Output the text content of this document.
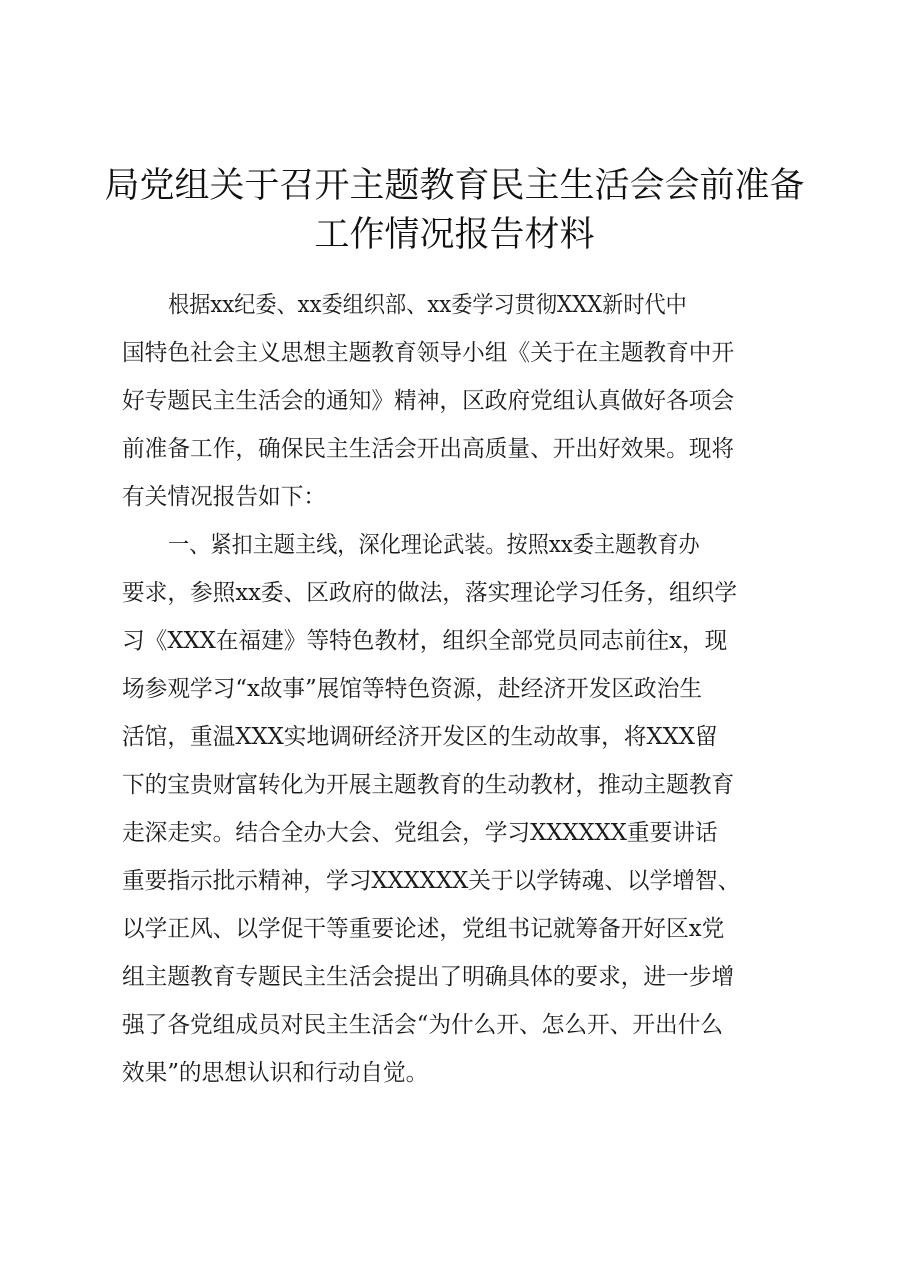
局党组关于召开主题教育民主生活会会前准备
工作情况报告材料
根据xx纪委、xx委组织部、xx委学习贯彻XXX新时代中
国特色社会主义思想主题教育领导小组《关于在主题教育中开
好专题民主生活会的通知》精神，区政府党组认真做好各项会
前准备工作，确保民主生活会开出高质量、开出好效果。现将
有关情况报告如下：
一、紧扣主题主线，深化理论武装。按照xx委主题教育办
要求，参照xx委、区政府的做法，落实理论学习任务，组织学
习《XXX在福建》等特色教材，组织全部党员同志前往x，现
场参观学习“x故事”展馆等特色资源，赴经济开发区政治生
活馆，重温XXX实地调研经济开发区的生动故事，将XXX留
下的宝贵财富转化为开展主题教育的生动教材，推动主题教育
走深走实。结合全办大会、党组会，学习XXXXXX重要讲话
重要指示批示精神，学习XXXXXX关于以学铸魂、以学增智、
以学正风、以学促干等重要论述，党组书记就筹备开好区x党
组主题教育专题民主生活会提出了明确具体的要求，进一步增
强了各党组成员对民主生活会“为什么开、怎么开、开出什么
效果”的思想认识和行动自觉。
